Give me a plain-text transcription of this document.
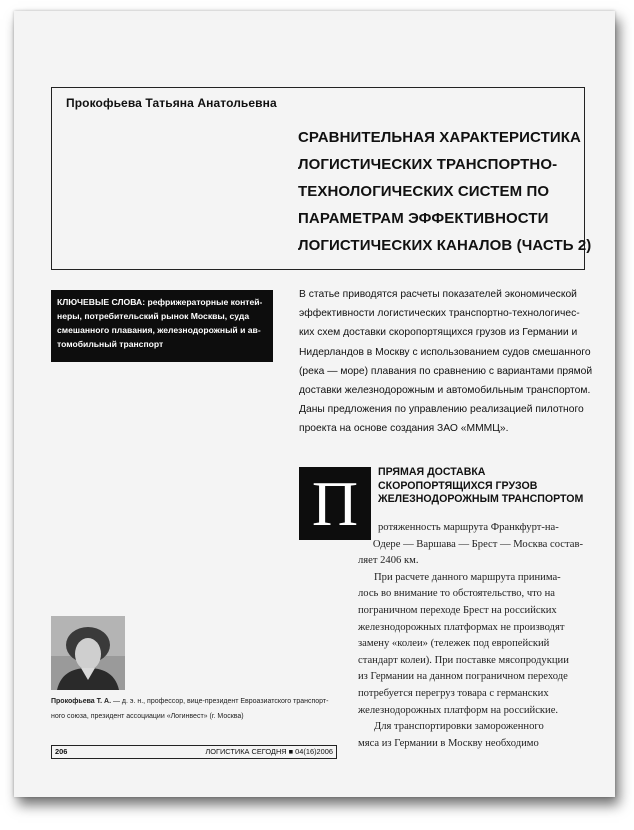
Прокофьева Татьяна Анатольевна
СРАВНИТЕЛЬНАЯ ХАРАКТЕРИСТИКА
ЛОГИСТИЧЕСКИХ ТРАНСПОРТНО-
ТЕХНОЛОГИЧЕСКИХ СИСТЕМ ПО
ПАРАМЕТРАМ ЭФФЕКТИВНОСТИ
ЛОГИСТИЧЕСКИХ КАНАЛОВ (ЧАСТЬ 2)
КЛЮЧЕВЫЕ СЛОВА: рефрижераторные контей-
неры, потребительский рынок Москвы, суда
смешанного плавания, железнодорожный и ав-
томобильный транспорт
В статье приводятся расчеты показателей экономической
эффективности логистических транспортно-технологичес-
ких схем доставки скоропортящихся грузов из Германии и
Нидерландов в Москву с использованием судов смешанного
(река — море) плавания по сравнению с вариантами прямой
доставки железнодорожным и автомобильным транспортом.
Даны предложения по управлению реализацией пилотного
проекта на основе создания ЗАО «МММЦ».
П	ПРЯМАЯ ДОСТАВКА
СКОРОПОРТЯЩИХСЯ ГРУЗОВ
ЖЕЛЕЗНОДОРОЖНЫМ ТРАНСПОРТОМ
ротяженность маршрута Франкфурт-на-
Одере — Варшава — Брест — Москва состав-
ляет 2406 км.
При расчете данного маршрута принима-
лось во внимание то обстоятельство, что на
пограничном переходе Брест на российских
железнодорожных платформах не производят
замену «колеи» (тележек под европейский
стандарт колеи). При поставке мясопродукции
из Германии на данном пограничном переходе
потребуется перегруз товара с германских
железнодорожных платформ на российские.
Для транспортировки замороженного
мяса из Германии в Москву необходимо
Прокофьева Т. А. — д. э. н., профессор, вице-президент Евроазиатского транспорт-
ного союза, президент ассоциации «Логинвест» (г. Москва)
206	ЛОГИСТИКА СЕГОДНЯ ■ 04(16)2006
